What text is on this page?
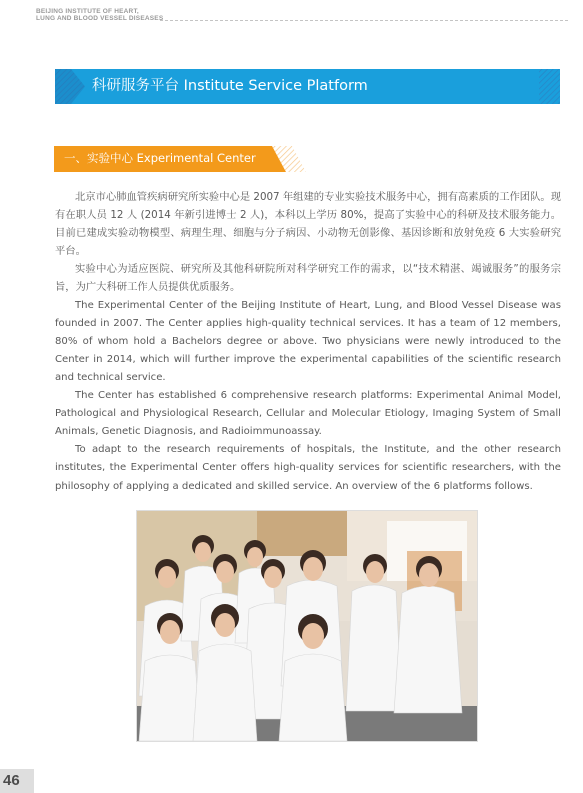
BEIJING INSTITUTE OF HEART,
LUNG AND BLOOD VESSEL DISEASES
科研服务平台 Institute Service Platform
一、实验中心 Experimental Center

北京市心肺血管疾病研究所实验中心是 2007 年组建的专业实验技术服务中心，拥有高素质的工作团队。现有在职人员 12 人 (2014 年新引进博士 2 人)，本科以上学历 80%，提高了实验中心的科研及技术服务能力。目前已建成实验动物模型、病理生理、细胞与分子病因、小动物无创影像、基因诊断和放射免疫 6 大实验研究平台。

实验中心为适应医院、研究所及其他科研院所对科学研究工作的需求，以“技术精湛、竭诚服务”的服务宗旨，为广大科研工作人员提供优质服务。

The Experimental Center of the Beijing Institute of Heart, Lung, and Blood Vessel Disease was founded in 2007. The Center applies high-quality technical services. It has a team of 12 members, 80% of whom hold a Bachelors degree or above. Two physicians were newly introduced to the Center in 2014, which will further improve the experimental capabilities of the scientific research and technical service.

The Center has established 6 comprehensive research platforms: Experimental Animal Model, Pathological and Physiological Research, Cellular and Molecular Etiology, Imaging System of Small Animals, Genetic Diagnosis, and Radioimmunoassay.

To adapt to the research requirements of hospitals, the Institute, and the other research institutes, the Experimental Center offers high-quality services for scientific researchers, with the philosophy of applying a dedicated and skilled service. An overview of the 6 platforms follows.

46
